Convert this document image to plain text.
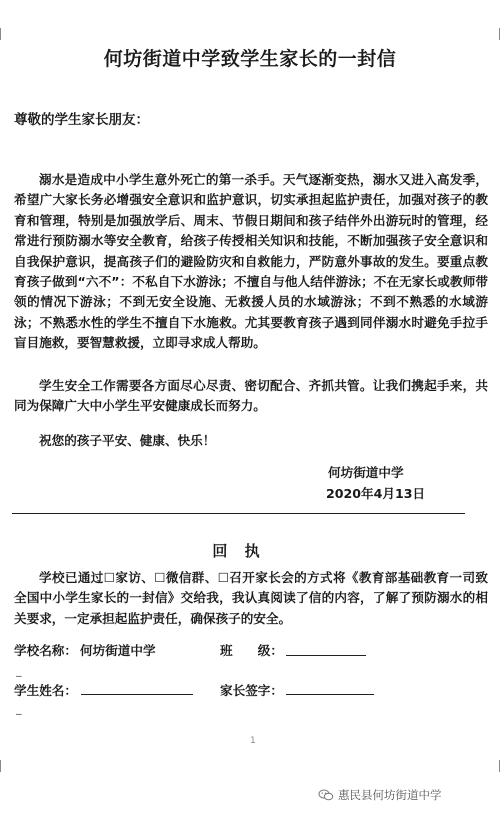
何坊街道中学致学生家长的一封信
尊敬的学生家长朋友：
溺水是造成中小学生意外死亡的第一杀手。天气逐渐变热，溺水又进入高发季，希望广大家长务必增强安全意识和监护意识，切实承担起监护责任，加强对孩子的教育和管理，特别是加强放学后、周末、节假日期间和孩子结伴外出游玩时的管理，经常进行预防溺水等安全教育，给孩子传授相关知识和技能，不断加强孩子安全意识和自我保护意识，提高孩子们的避险防灾和自救能力，严防意外事故的发生。要重点教育孩子做到“六不”：不私自下水游泳；不擅自与他人结伴游泳；不在无家长或教师带领的情况下游泳；不到无安全设施、无救援人员的水域游泳；不到不熟悉的水域游泳；不熟悉水性的学生不擅自下水施救。尤其要教育孩子遇到同伴溺水时避免手拉手盲目施救，要智慧救援，立即寻求成人帮助。
学生安全工作需要各方面尽心尽责、密切配合、齐抓共管。让我们携起手来，共同为保障广大中小学生平安健康成长而努力。
祝您的孩子平安、健康、快乐！
何坊街道中学
2020年4月13日
回 执
学校已通过☐家访、☐微信群、☐召开家长会的方式将《教育部基础教育一司致全国中小学生家长的一封信》交给我，我认真阅读了信的内容，了解了预防溺水的相关要求，一定承担起监护责任，确保孩子的安全。
学校名称： 何坊街道中学	班　　级：
_
学生姓名：	家长签字：
_
1
惠民县何坊街道中学
